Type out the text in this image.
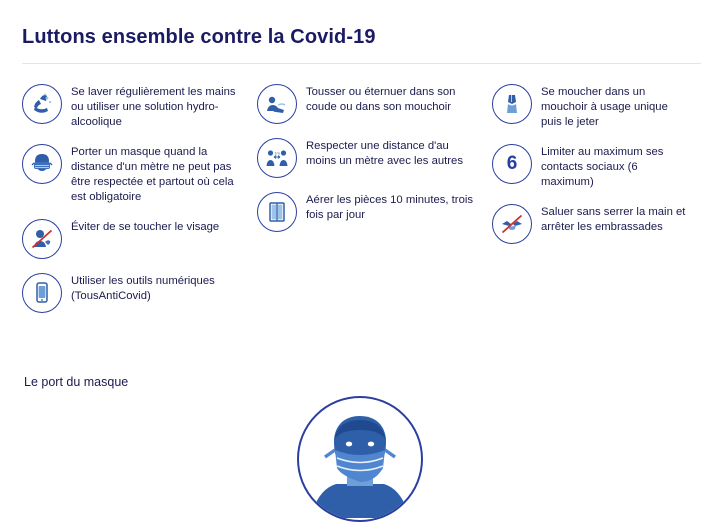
Luttons ensemble contre la Covid-19
Se laver régulièrement les mains ou utiliser une solution hydro-alcoolique
Porter un masque quand la distance d'un mètre ne peut pas être respectée et partout où cela est obligatoire
Éviter de se toucher le visage
Utiliser les outils numériques (TousAntiCovid)
Tousser ou éternuer dans son coude ou dans son mouchoir
1m
Respecter une distance d'au moins un mètre avec les autres
Aérer les pièces 10 minutes, trois fois par jour
Se moucher dans un mouchoir à usage unique puis le jeter
6
Limiter au maximum ses contacts sociaux (6 maximum)
Saluer sans serrer la main et arrêter les embrassades
Le port du masque
